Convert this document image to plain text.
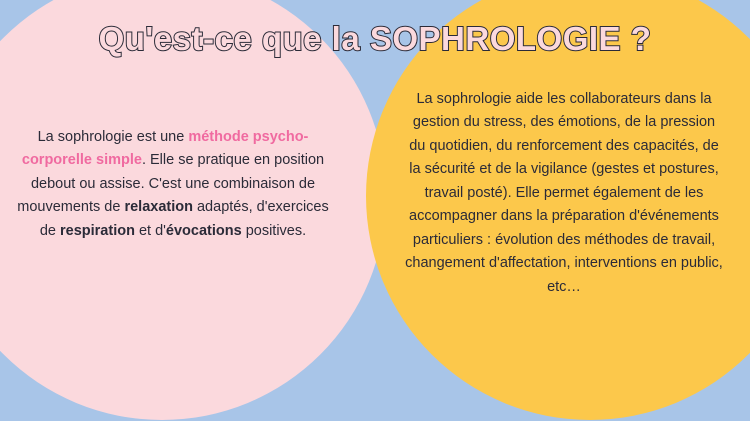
Qu'est-ce que la SOPHROLOGIE ?
La sophrologie est une méthode psycho-corporelle simple. Elle se pratique en position debout ou assise. C'est une combinaison de mouvements de relaxation adaptés, d'exercices de respiration et d'évocations positives.
La sophrologie aide les collaborateurs dans la gestion du stress, des émotions, de la pression du quotidien, du renforcement des capacités, de la sécurité et de la vigilance (gestes et postures, travail posté). Elle permet également de les accompagner dans la préparation d'événements particuliers : évolution des méthodes de travail, changement d'affectation, interventions en public, etc…
